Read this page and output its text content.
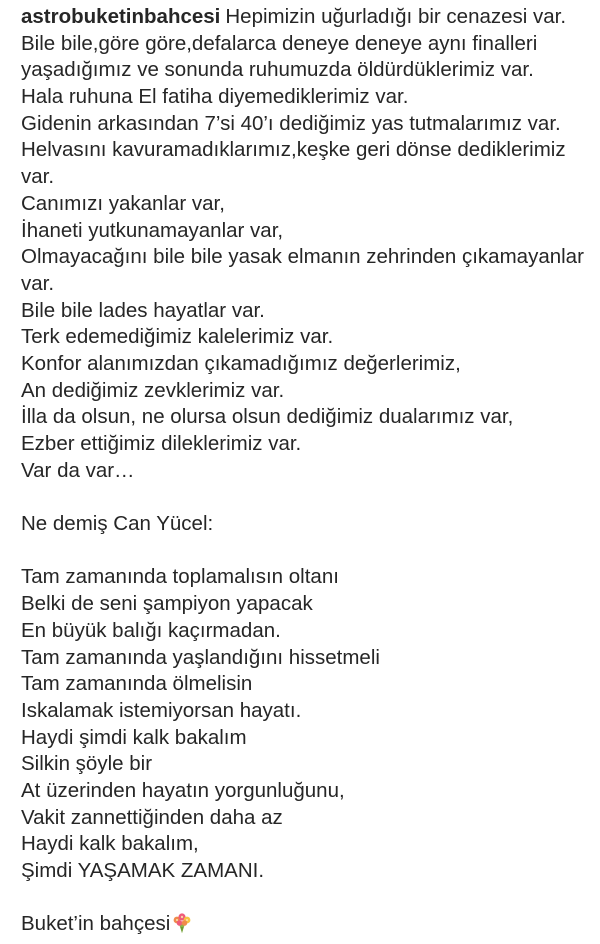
astrobuketinbahcesi Hepimizin uğurladığı bir cenazesi var.
Bile bile,göre göre,defalarca deneye deneye aynı finalleri
yaşadığımız ve sonunda ruhumuzda öldürdüklerimiz var.
Hala ruhuna El fatiha diyemediklerimiz var.
Gidenin arkasından 7’si 40’ı dediğimiz yas tutmalarımız var.
Helvasını kavuramadıklarımız,keşke geri dönse dediklerimiz
var.
Canımızı yakanlar var,
İhaneti yutkunamayanlar var,
Olmayacağını bile bile yasak elmanın zehrinden çıkamayanlar
var.
Bile bile lades hayatlar var.
Terk edemediğimiz kalelerimiz var.
Konfor alanımızdan çıkamadığımız değerlerimiz,
An dediğimiz zevklerimiz var.
İlla da olsun, ne olursa olsun dediğimiz dualarımız var,
Ezber ettiğimiz dileklerimiz var.
Var da var…
Ne demiş Can Yücel:
Tam zamanında toplamalısın oltanı
Belki de seni şampiyon yapacak
En büyük balığı kaçırmadan.
Tam zamanında yaşlandığını hissetmeli
Tam zamanında ölmelisin
Iskalamak istemiyorsan hayatı.
Haydi şimdi kalk bakalım
Silkin şöyle bir
At üzerinden hayatın yorgunluğunu,
Vakit zannettiğinden daha az
Haydi kalk bakalım,
Şimdi YAŞAMAK ZAMANI.
Buket’in bahçesi
